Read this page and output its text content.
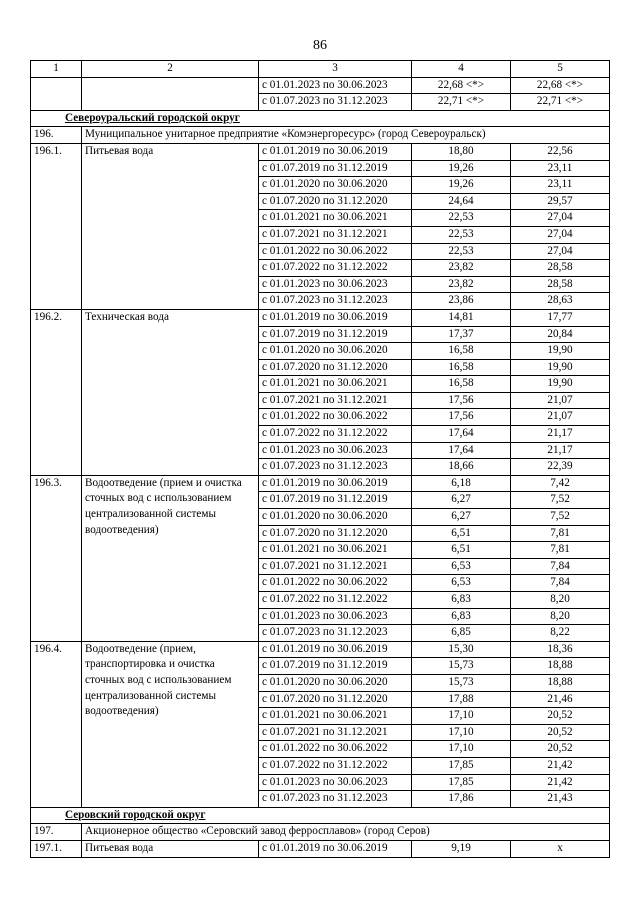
86
1	2	3	4	5
		с 01.01.2023 по 30.06.2023	22,68 <*>	22,68 <*>
		с 01.07.2023 по 31.12.2023	22,71 <*>	22,71 <*>
Североуральский городской округ				
196.	Муниципальное унитарное предприятие «Комэнергоресурс» (город Североуральск)			
196.1.	Питьевая вода	с 01.01.2019 по 30.06.2019	18,80	22,56
		с 01.07.2019 по 31.12.2019	19,26	23,11
		с 01.01.2020 по 30.06.2020	19,26	23,11
		с 01.07.2020 по 31.12.2020	24,64	29,57
		с 01.01.2021 по 30.06.2021	22,53	27,04
		с 01.07.2021 по 31.12.2021	22,53	27,04
		с 01.01.2022 по 30.06.2022	22,53	27,04
		с 01.07.2022 по 31.12.2022	23,82	28,58
		с 01.01.2023 по 30.06.2023	23,82	28,58
		с 01.07.2023 по 31.12.2023	23,86	28,63
196.2.	Техническая вода	с 01.01.2019 по 30.06.2019	14,81	17,77
		с 01.07.2019 по 31.12.2019	17,37	20,84
		с 01.01.2020 по 30.06.2020	16,58	19,90
		с 01.07.2020 по 31.12.2020	16,58	19,90
		с 01.01.2021 по 30.06.2021	16,58	19,90
		с 01.07.2021 по 31.12.2021	17,56	21,07
		с 01.01.2022 по 30.06.2022	17,56	21,07
		с 01.07.2022 по 31.12.2022	17,64	21,17
		с 01.01.2023 по 30.06.2023	17,64	21,17
		с 01.07.2023 по 31.12.2023	18,66	22,39
196.3.	Водоотведение (прием и очистка сточных вод с использованием централизованной системы водоотведения)	с 01.01.2019 по 30.06.2019	6,18	7,42
		с 01.07.2019 по 31.12.2019	6,27	7,52
		с 01.01.2020 по 30.06.2020	6,27	7,52
		с 01.07.2020 по 31.12.2020	6,51	7,81
		с 01.01.2021 по 30.06.2021	6,51	7,81
		с 01.07.2021 по 31.12.2021	6,53	7,84
		с 01.01.2022 по 30.06.2022	6,53	7,84
		с 01.07.2022 по 31.12.2022	6,83	8,20
		с 01.01.2023 по 30.06.2023	6,83	8,20
		с 01.07.2023 по 31.12.2023	6,85	8,22
196.4.	Водоотведение (прием, транспортировка и очистка сточных вод с использованием централизованной системы водоотведения)	с 01.01.2019 по 30.06.2019	15,30	18,36
		с 01.07.2019 по 31.12.2019	15,73	18,88
		с 01.01.2020 по 30.06.2020	15,73	18,88
		с 01.07.2020 по 31.12.2020	17,88	21,46
		с 01.01.2021 по 30.06.2021	17,10	20,52
		с 01.07.2021 по 31.12.2021	17,10	20,52
		с 01.01.2022 по 30.06.2022	17,10	20,52
		с 01.07.2022 по 31.12.2022	17,85	21,42
		с 01.01.2023 по 30.06.2023	17,85	21,42
		с 01.07.2023 по 31.12.2023	17,86	21,43
Серовский городской округ				
197.	Акционерное общество «Серовский завод ферросплавов» (город Серов)			
197.1.	Питьевая вода	с 01.01.2019 по 30.06.2019	9,19	x
